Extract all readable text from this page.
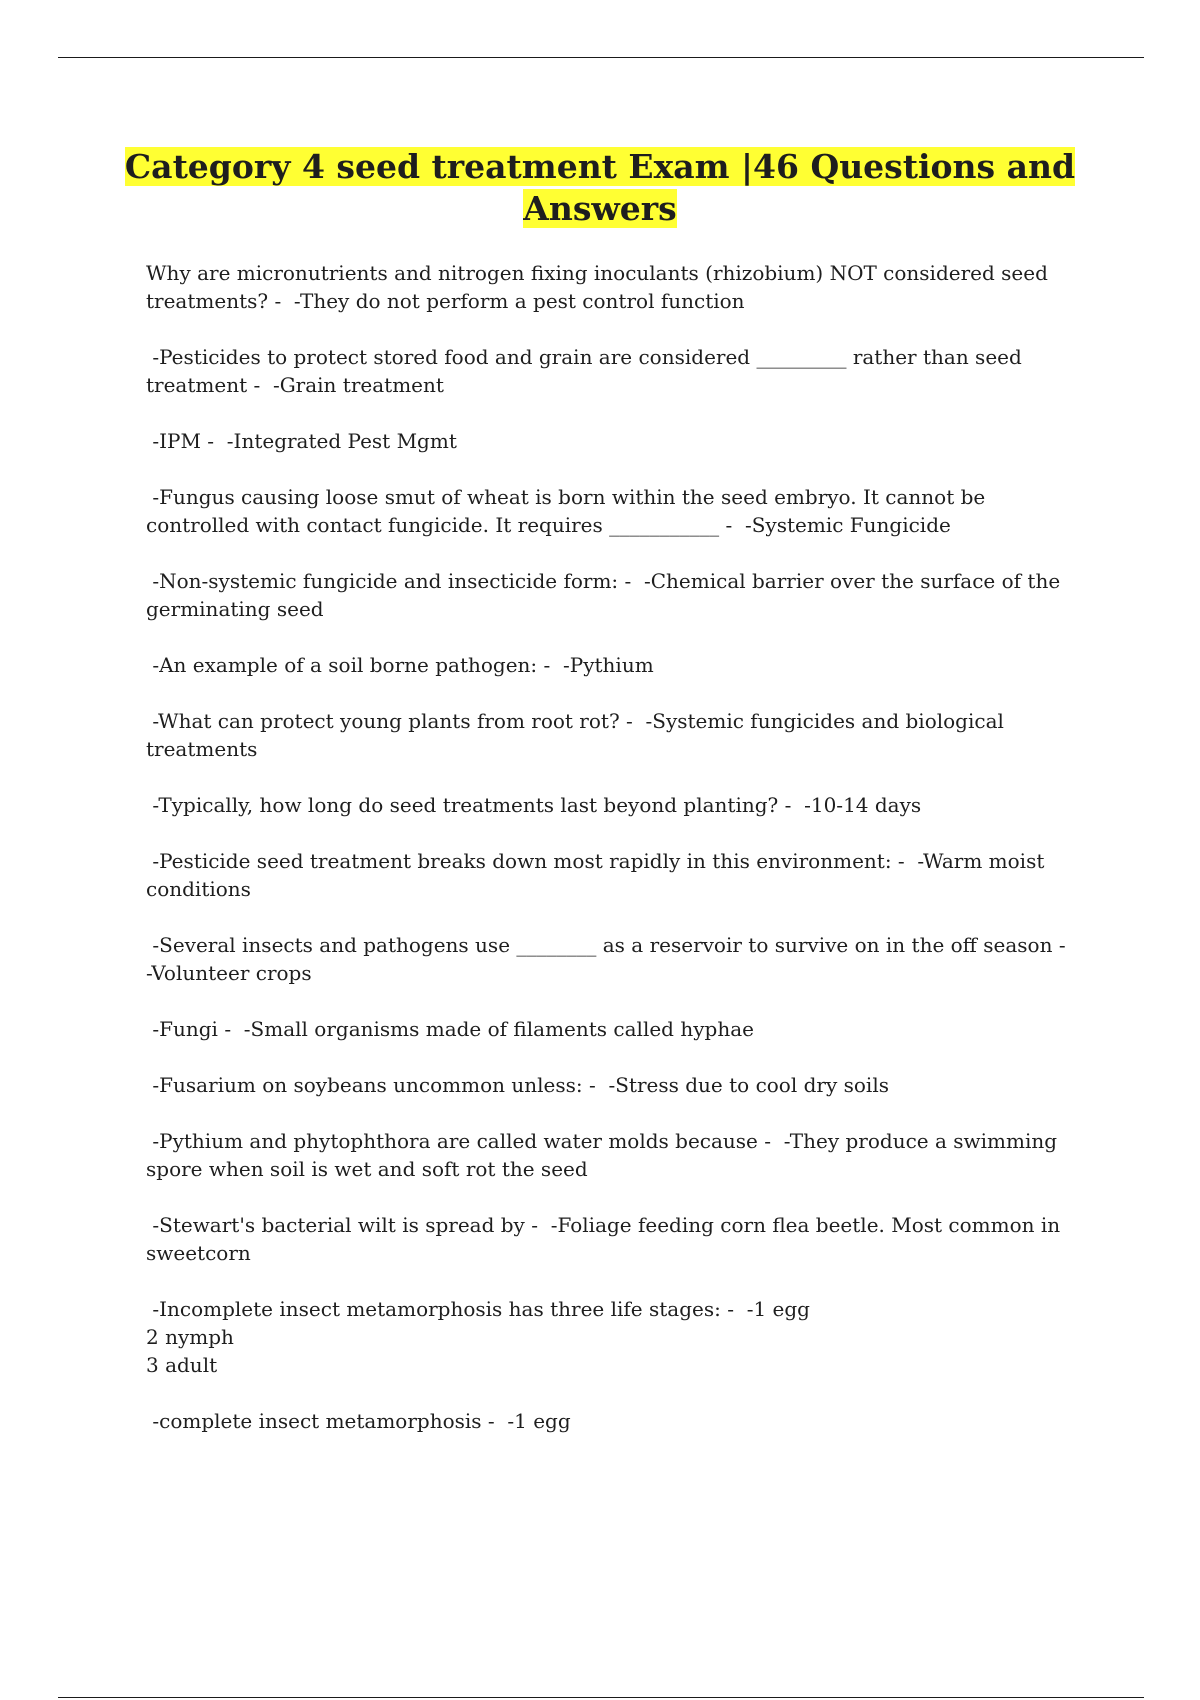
Category 4 seed treatment Exam |46 Questions and
Answers

Why are micronutrients and nitrogen fixing inoculants (rhizobium) NOT considered seed treatments? -  -They do not perform a pest control function

-Pesticides to protect stored food and grain are considered _________ rather than seed treatment -  -Grain treatment

-IPM -  -Integrated Pest Mgmt

-Fungus causing loose smut of wheat is born within the seed embryo. It cannot be controlled with contact fungicide. It requires ___________ -  -Systemic Fungicide

-Non-systemic fungicide and insecticide form: -  -Chemical barrier over the surface of the germinating seed

-An example of a soil borne pathogen: -  -Pythium

-What can protect young plants from root rot? -  -Systemic fungicides and biological treatments

-Typically, how long do seed treatments last beyond planting? -  -10-14 days

-Pesticide seed treatment breaks down most rapidly in this environment: -  -Warm moist conditions

-Several insects and pathogens use ________ as a reservoir to survive on in the off season - -Volunteer crops

-Fungi -  -Small organisms made of filaments called hyphae

-Fusarium on soybeans uncommon unless: -  -Stress due to cool dry soils

-Pythium and phytophthora are called water molds because -  -They produce a swimming spore when soil is wet and soft rot the seed

-Stewart's bacterial wilt is spread by -  -Foliage feeding corn flea beetle. Most common in sweetcorn

-Incomplete insect metamorphosis has three life stages: -  -1 egg
2 nymph
3 adult

-complete insect metamorphosis -  -1 egg
